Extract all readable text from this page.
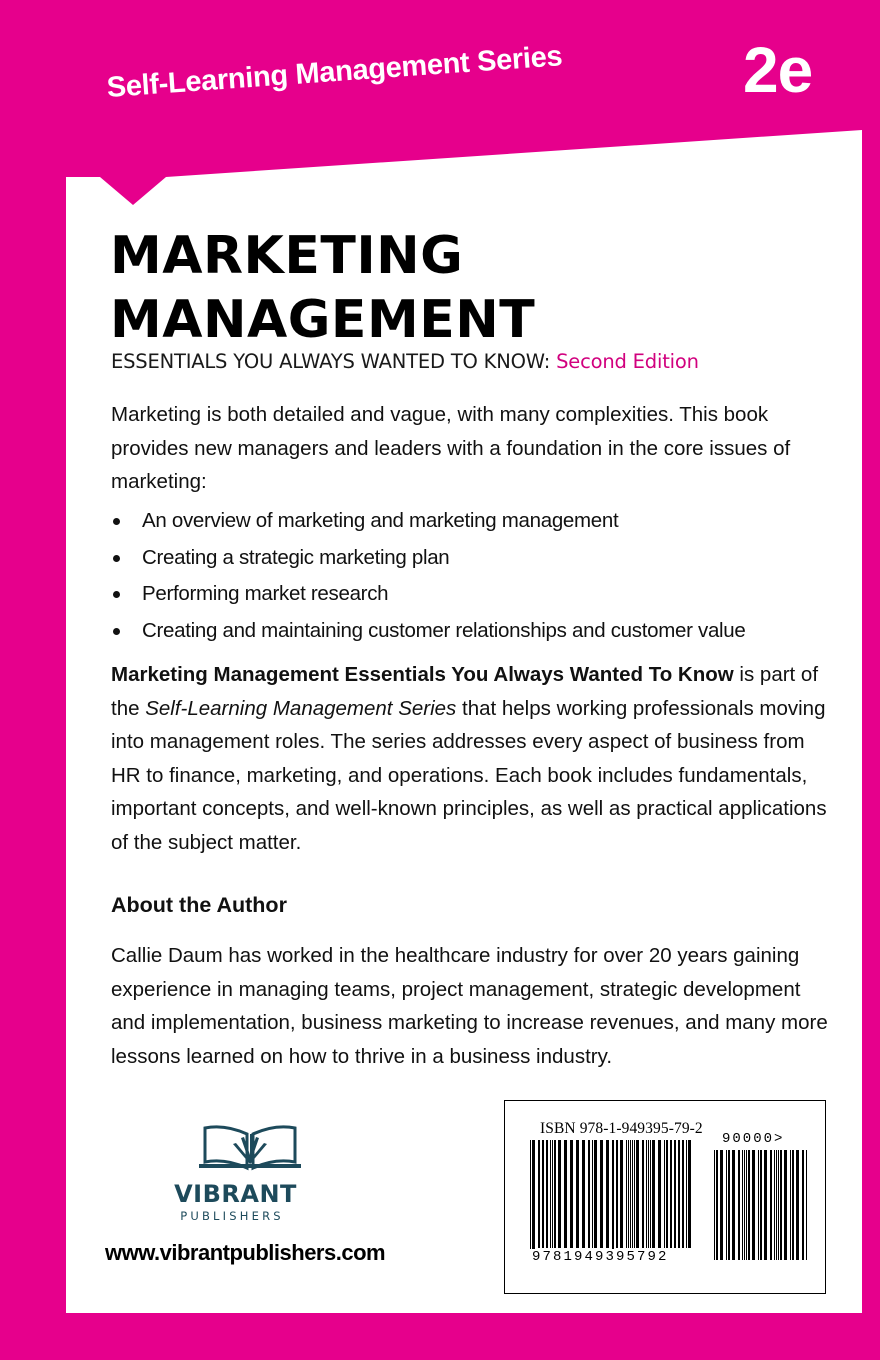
Self-Learning Management Series	2e
MARKETING
MANAGEMENT
ESSENTIALS YOU ALWAYS WANTED TO KNOW: Second Edition

Marketing is both detailed and vague, with many complexities. This book provides new managers and leaders with a foundation in the core issues of marketing:

An overview of marketing and marketing management
Creating a strategic marketing plan
Performing market research
Creating and maintaining customer relationships and customer value

Marketing Management Essentials You Always Wanted To Know is part of the Self-Learning Management Series that helps working professionals moving into management roles. The series addresses every aspect of business from HR to finance, marketing, and operations. Each book includes fundamentals, important concepts, and well-known principles, as well as practical applications of the subject matter.

About the Author

Callie Daum has worked in the healthcare industry for over 20 years gaining experience in managing teams, project management, strategic development and implementation, business marketing to increase revenues, and many more lessons learned on how to thrive in a business industry.

VIBRANT
PUBLISHERS
www.vibrantpublishers.com
ISBN 978-1-949395-79-2
90000>
9781949395792
